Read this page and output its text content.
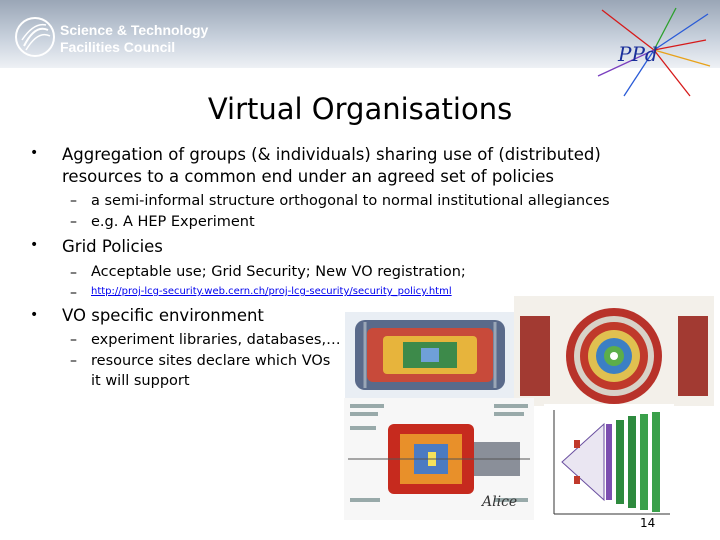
Science & Technology
Facilities Council	PPd
Virtual Organisations
• Aggregation of groups (& individuals) sharing use of (distributed)
resources to a common end under an agreed set of policies
– a semi-informal structure orthogonal to normal institutional allegiances
– e.g. A HEP Experiment
• Grid Policies
– Acceptable use; Grid Security; New VO registration;
– http://proj-lcg-security.web.cern.ch/proj-lcg-security/security_policy.html
• VO specific environment
– experiment libraries, databases,…
– resource sites declare which VOs
it will support
Alice
14
